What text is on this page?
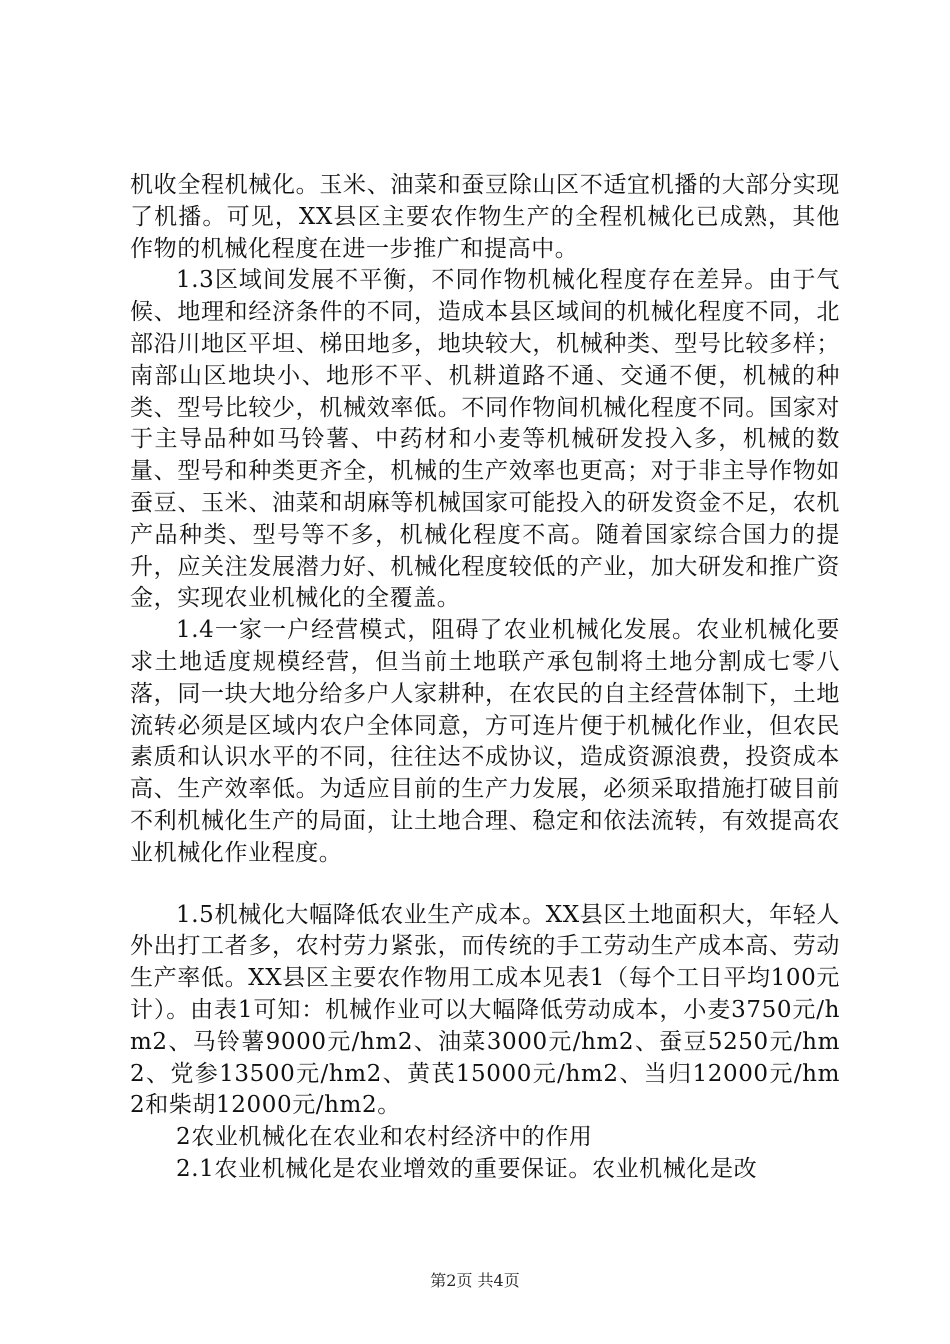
机收全程机械化。玉米、油菜和蚕豆除山区不适宜机播的大部分实现了机播。可见，XX县区主要农作物生产的全程机械化已成熟，其他作物的机械化程度在进一步推广和提高中。

1.3区域间发展不平衡，不同作物机械化程度存在差异。由于气候、地理和经济条件的不同，造成本县区域间的机械化程度不同，北部沿川地区平坦、梯田地多，地块较大，机械种类、型号比较多样；南部山区地块小、地形不平、机耕道路不通、交通不便，机械的种类、型号比较少，机械效率低。不同作物间机械化程度不同。国家对于主导品种如马铃薯、中药材和小麦等机械研发投入多，机械的数量、型号和种类更齐全，机械的生产效率也更高；对于非主导作物如蚕豆、玉米、油菜和胡麻等机械国家可能投入的研发资金不足，农机产品种类、型号等不多，机械化程度不高。随着国家综合国力的提升，应关注发展潜力好、机械化程度较低的产业，加大研发和推广资金，实现农业机械化的全覆盖。

1.4一家一户经营模式，阻碍了农业机械化发展。农业机械化要求土地适度规模经营，但当前土地联产承包制将土地分割成七零八落，同一块大地分给多户人家耕种，在农民的自主经营体制下，土地流转必须是区域内农户全体同意，方可连片便于机械化作业，但农民素质和认识水平的不同，往往达不成协议，造成资源浪费，投资成本高、生产效率低。为适应目前的生产力发展，必须采取措施打破目前不利机械化生产的局面，让土地合理、稳定和依法流转，有效提高农业机械化作业程度。

1.5机械化大幅降低农业生产成本。XX县区土地面积大，年轻人外出打工者多，农村劳力紧张，而传统的手工劳动生产成本高、劳动生产率低。XX县区主要农作物用工成本见表1（每个工日平均100元计）。由表1可知：机械作业可以大幅降低劳动成本，小麦3750元/hm2、马铃薯9000元/hm2、油菜3000元/hm2、蚕豆5250元/hm2、党参13500元/hm2、黄芪15000元/hm2、当归12000元/hm2和柴胡12000元/hm2。

2农业机械化在农业和农村经济中的作用

2.1农业机械化是农业增效的重要保证。农业机械化是改

第2页 共4页
